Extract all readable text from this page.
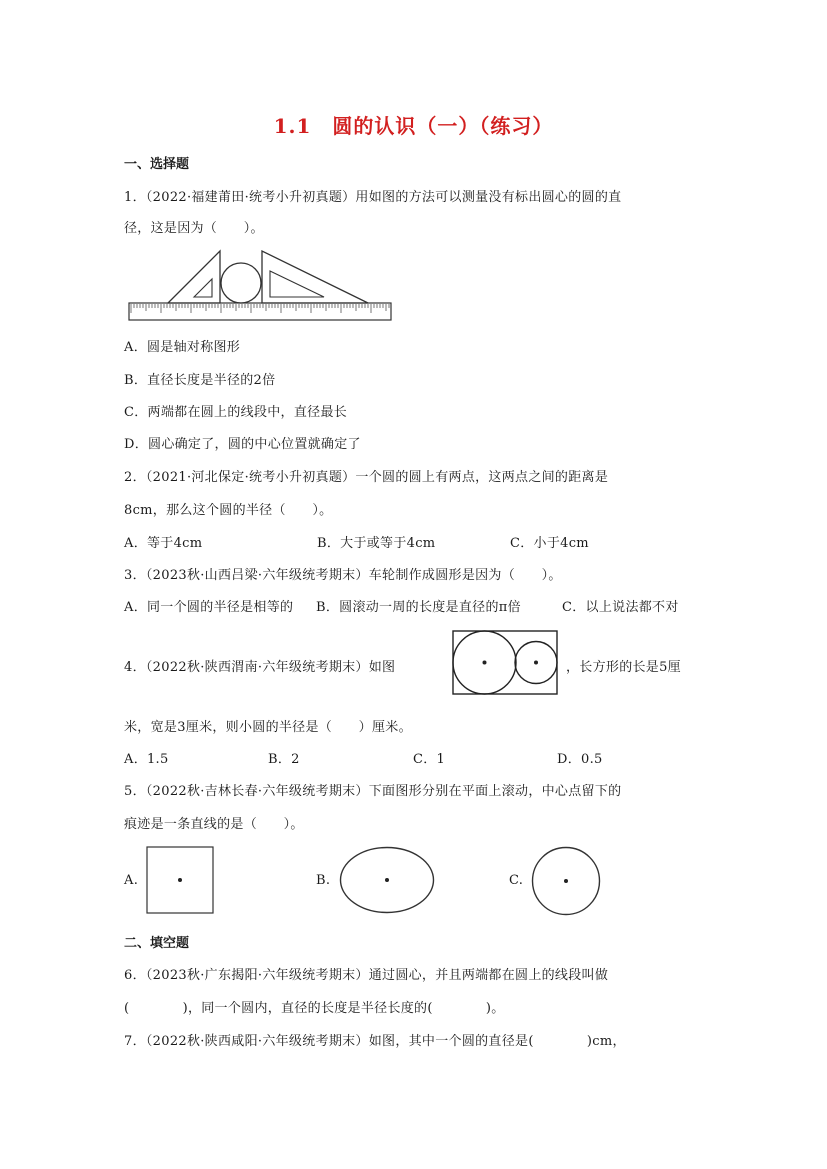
1.1　圆的认识（一）（练习）
一、选择题
1．（2022·福建莆田·统考小升初真题）用如图的方法可以测量没有标出圆心的圆的直
径，这是因为（　　）。
A．圆是轴对称图形
B．直径长度是半径的2倍
C．两端都在圆上的线段中，直径最长
D．圆心确定了，圆的中心位置就确定了
2．（2021·河北保定·统考小升初真题）一个圆的圆上有两点，这两点之间的距离是
8cm，那么这个圆的半径（　　）。
A．等于4cm	B．大于或等于4cm	C．小于4cm
3．（2023秋·山西吕梁·六年级统考期末）车轮制作成圆形是因为（　　）。
A．同一个圆的半径是相等的 B．圆滚动一周的长度是直径的π倍	C．以上说法都不对
4．（2022秋·陕西渭南·六年级统考期末）如图	，长方形的长是5厘
米，宽是3厘米，则小圆的半径是（　　）厘米。
A．1.5	B．2	C．1	D．0.5
5．（2022秋·吉林长春·六年级统考期末）下面图形分别在平面上滚动，中心点留下的
痕迹是一条直线的是（　　）。
A.	B.	C.
二、填空题
6．（2023秋·广东揭阳·六年级统考期末）通过圆心，并且两端都在圆上的线段叫做
(　　　　)，同一个圆内，直径的长度是半径长度的(　　　　)。
7．（2022秋·陕西咸阳·六年级统考期末）如图，其中一个圆的直径是(　　　　)cm，
